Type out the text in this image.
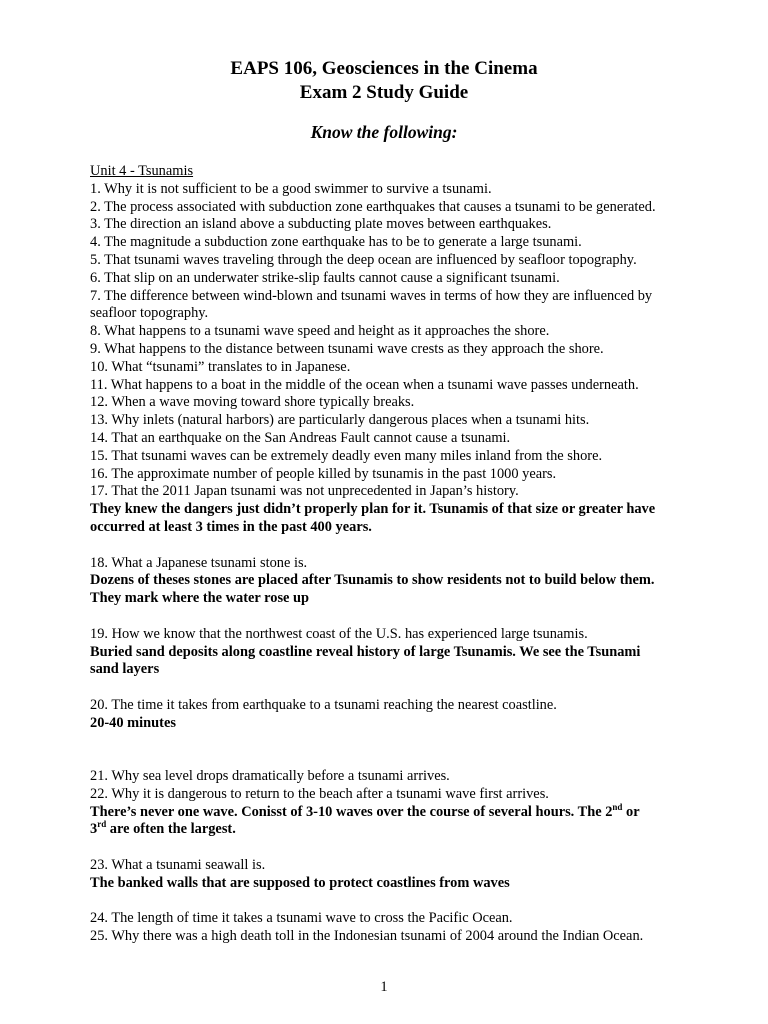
EAPS 106, Geosciences in the Cinema
Exam 2 Study Guide
Know the following:
Unit 4 - Tsunamis
1. Why it is not sufficient to be a good swimmer to survive a tsunami.
2. The process associated with subduction zone earthquakes that causes a tsunami to be generated.
3. The direction an island above a subducting plate moves between earthquakes.
4. The magnitude a subduction zone earthquake has to be to generate a large tsunami.
5. That tsunami waves traveling through the deep ocean are influenced by seafloor topography.
6. That slip on an underwater strike-slip faults cannot cause a significant tsunami.
7. The difference between wind-blown and tsunami waves in terms of how they are influenced by
seafloor topography.
8. What happens to a tsunami wave speed and height as it approaches the shore.
9. What happens to the distance between tsunami wave crests as they approach the shore.
10. What “tsunami” translates to in Japanese.
11. What happens to a boat in the middle of the ocean when a tsunami wave passes underneath.
12. When a wave moving toward shore typically breaks.
13. Why inlets (natural harbors) are particularly dangerous places when a tsunami hits.
14. That an earthquake on the San Andreas Fault cannot cause a tsunami.
15. That tsunami waves can be extremely deadly even many miles inland from the shore.
16. The approximate number of people killed by tsunamis in the past 1000 years.
17. That the 2011 Japan tsunami was not unprecedented in Japan’s history.
They knew the dangers just didn’t properly plan for it. Tsunamis of that size or greater have
occurred at least 3 times in the past 400 years.
18. What a Japanese tsunami stone is.
Dozens of theses stones are placed after Tsunamis to show residents not to build below them.
They mark where the water rose up
19. How we know that the northwest coast of the U.S. has experienced large tsunamis.
Buried sand deposits along coastline reveal history of large Tsunamis. We see the Tsunami
sand layers
20. The time it takes from earthquake to a tsunami reaching the nearest coastline.
20-40 minutes
21. Why sea level drops dramatically before a tsunami arrives.
22. Why it is dangerous to return to the beach after a tsunami wave first arrives.
There’s never one wave. Conisst of 3-10 waves over the course of several hours. The 2nd or
3rd are often the largest.
23. What a tsunami seawall is.
The banked walls that are supposed to protect coastlines from waves
24. The length of time it takes a tsunami wave to cross the Pacific Ocean.
25. Why there was a high death toll in the Indonesian tsunami of 2004 around the Indian Ocean.
1
